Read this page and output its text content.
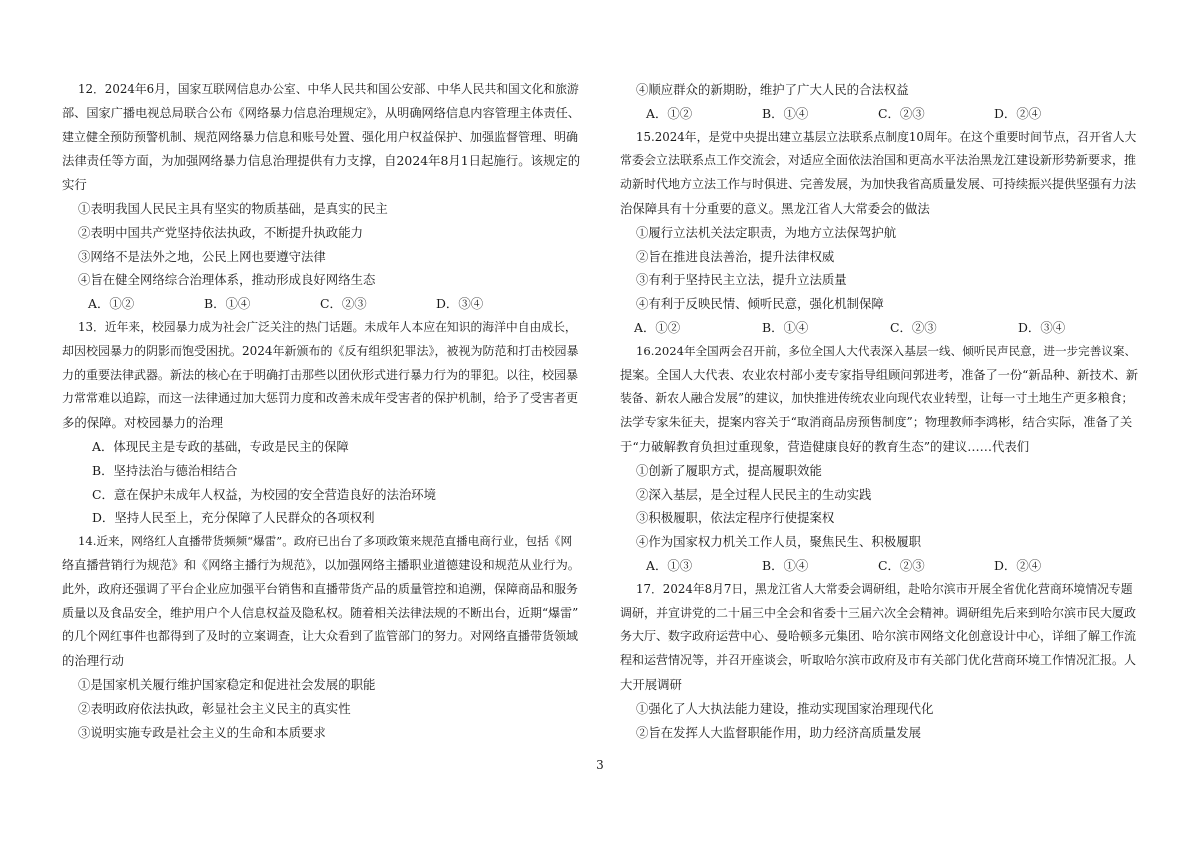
12．2024年6月，国家互联网信息办公室、中华人民共和国公安部、中华人民共和国文化和旅游
部、国家广播电视总局联合公布《网络暴力信息治理规定》，从明确网络信息内容管理主体责任、
建立健全预防预警机制、规范网络暴力信息和账号处置、强化用户权益保护、加强监督管理、明确
法律责任等方面，为加强网络暴力信息治理提供有力支撑，自2024年8月1日起施行。该规定的
实行
①表明我国人民民主具有坚实的物质基础，是真实的民主
②表明中国共产党坚持依法执政，不断提升执政能力
③网络不是法外之地，公民上网也要遵守法律
④旨在健全网络综合治理体系，推动形成良好网络生态
A．①②	B．①④	C．②③	D．③④
13．近年来，校园暴力成为社会广泛关注的热门话题。未成年人本应在知识的海洋中自由成长，
却因校园暴力的阴影而饱受困扰。2024年新颁布的《反有组织犯罪法》，被视为防范和打击校园暴
力的重要法律武器。新法的核心在于明确打击那些以团伙形式进行暴力行为的罪犯。以往，校园暴
力常常难以追踪，而这一法律通过加大惩罚力度和改善未成年受害者的保护机制，给予了受害者更
多的保障。对校园暴力的治理
A．体现民主是专政的基础，专政是民主的保障
B．坚持法治与德治相结合
C．意在保护未成年人权益，为校园的安全营造良好的法治环境
D．坚持人民至上，充分保障了人民群众的各项权利
14.近来，网络红人直播带货频频“爆雷”。政府已出台了多项政策来规范直播电商行业，包括《网
络直播营销行为规范》和《网络主播行为规范》，以加强网络主播职业道德建设和规范从业行为。
此外，政府还强调了平台企业应加强平台销售和直播带货产品的质量管控和追溯，保障商品和服务
质量以及食品安全，维护用户个人信息权益及隐私权。随着相关法律法规的不断出台，近期“爆雷”
的几个网红事件也都得到了及时的立案调查，让大众看到了监管部门的努力。对网络直播带货领域
的治理行动
①是国家机关履行维护国家稳定和促进社会发展的职能
②表明政府依法执政，彰显社会主义民主的真实性
③说明实施专政是社会主义的生命和本质要求
④顺应群众的新期盼，维护了广大人民的合法权益
A．①②	B．①④	C．②③	D．②④
15.2024年，是党中央提出建立基层立法联系点制度10周年。在这个重要时间节点，召开省人大
常委会立法联系点工作交流会，对适应全面依法治国和更高水平法治黑龙江建设新形势新要求，推
动新时代地方立法工作与时俱进、完善发展，为加快我省高质量发展、可持续振兴提供坚强有力法
治保障具有十分重要的意义。黑龙江省人大常委会的做法
①履行立法机关法定职责，为地方立法保驾护航
②旨在推进良法善治，提升法律权威
③有利于坚持民主立法，提升立法质量
④有利于反映民情、倾听民意，强化机制保障
A．①②	B．①④	C．②③	D．③④
16.2024年全国两会召开前，多位全国人大代表深入基层一线、倾听民声民意，进一步完善议案、
提案。全国人大代表、农业农村部小麦专家指导组顾问郭进考，准备了一份“新品种、新技术、新
装备、新农人融合发展”的建议，加快推进传统农业向现代农业转型，让每一寸土地生产更多粮食；
法学专家朱征夫，提案内容关于“取消商品房预售制度”；物理教师李鸿彬，结合实际，准备了关
于“力破解教育负担过重现象，营造健康良好的教育生态”的建议……代表们
①创新了履职方式，提高履职效能
②深入基层，是全过程人民民主的生动实践
③积极履职，依法定程序行使提案权
④作为国家权力机关工作人员，聚焦民生、积极履职
A．①③	B．①④	C．②③	D．②④
17．2024年8月7日，黑龙江省人大常委会调研组，赴哈尔滨市开展全省优化营商环境情况专题
调研，并宣讲党的二十届三中全会和省委十三届六次全会精神。调研组先后来到哈尔滨市民大厦政
务大厅、数字政府运营中心、曼哈顿多元集团、哈尔滨市网络文化创意设计中心，详细了解工作流
程和运营情况等，并召开座谈会，听取哈尔滨市政府及市有关部门优化营商环境工作情况汇报。人
大开展调研
①强化了人大执法能力建设，推动实现国家治理现代化
②旨在发挥人大监督职能作用，助力经济高质量发展
3
